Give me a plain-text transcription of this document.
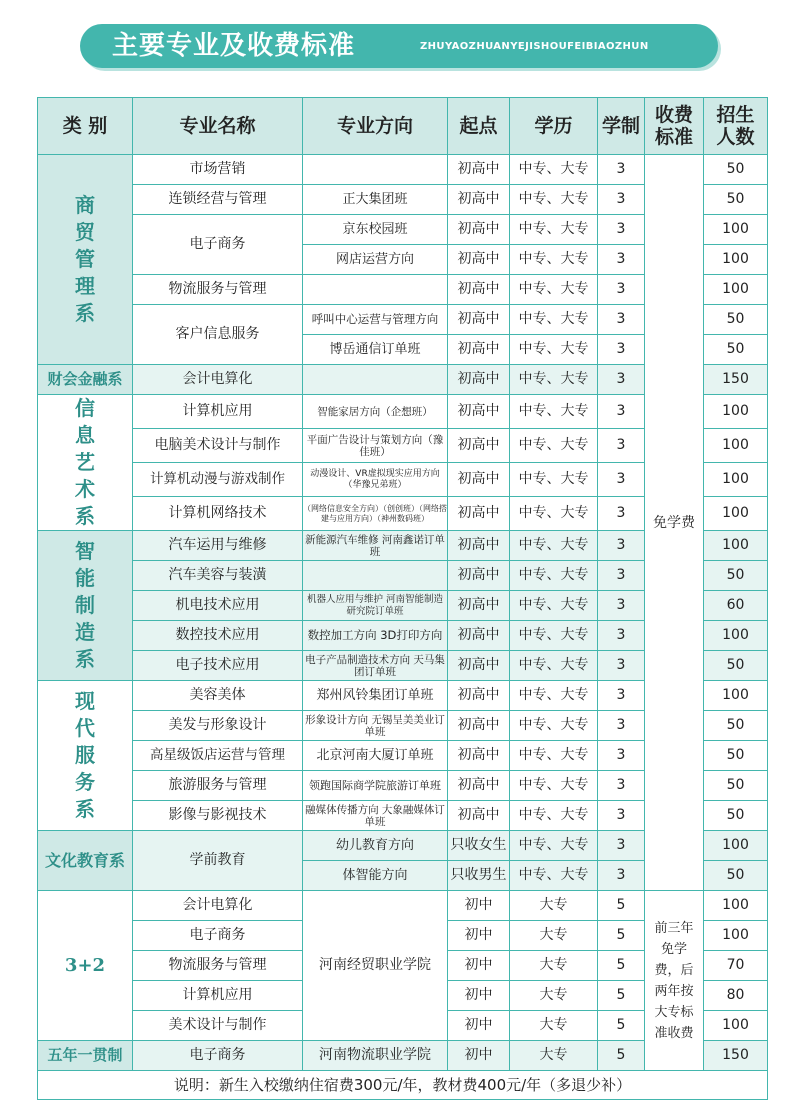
主要专业及收费标准	ZHUYAOZHUANYEJISHOUFEIBIAOZHUN
类 别	专业名称	专业方向	起点	学历	学制	收费标准	招生人数
商贸管理系	市场营销		初高中	中专、大专	3	免学费	50
	连锁经营与管理	正大集团班	初高中	中专、大专	3		50
	电子商务	京东校园班	初高中	中专、大专	3		100
		网店运营方向	初高中	中专、大专	3		100
	物流服务与管理		初高中	中专、大专	3		100
	客户信息服务	呼叫中心运营与管理方向	初高中	中专、大专	3		50
		博岳通信订单班	初高中	中专、大专	3		50
财会金融系	会计电算化		初高中	中专、大专	3		150
信息艺术系	计算机应用	智能家居方向（企想班）	初高中	中专、大专	3		100
	电脑美术设计与制作	平面广告设计与策划方向（豫佳班）	初高中	中专、大专	3		100
	计算机动漫与游戏制作	动漫设计、VR虚拟现实应用方向（华豫兄弟班）	初高中	中专、大专	3		100
	计算机网络技术	（网络信息安全方向）（创创班）（网络搭建与应用方向）（神州数码班）	初高中	中专、大专	3		100
智能制造系	汽车运用与维修	新能源汽车维修 河南鑫诺订单班	初高中	中专、大专	3		100
	汽车美容与装潢		初高中	中专、大专	3		50
	机电技术应用	机器人应用与维护 河南智能制造研究院订单班	初高中	中专、大专	3		60
	数控技术应用	数控加工方向 3D打印方向	初高中	中专、大专	3		100
	电子技术应用	电子产品制造技术方向 天马集团订单班	初高中	中专、大专	3		50
现代服务系	美容美体	郑州风铃集团订单班	初高中	中专、大专	3		100
	美发与形象设计	形象设计方向 无锡呈美美业订单班	初高中	中专、大专	3		50
	高星级饭店运营与管理	北京河南大厦订单班	初高中	中专、大专	3		50
	旅游服务与管理	领跑国际商学院旅游订单班	初高中	中专、大专	3		50
	影像与影视技术	融媒体传播方向 大象融媒体订单班	初高中	中专、大专	3		50
文化教育系	学前教育	幼儿教育方向	只收女生	中专、大专	3		100
		体智能方向	只收男生	中专、大专	3		50
3+2	会计电算化	河南经贸职业学院	初中	大专	5	前三年免学费，后两年按大专标准收费	100
	电子商务		初中	大专	5		100
	物流服务与管理		初中	大专	5		70
	计算机应用		初中	大专	5		80
	美术设计与制作		初中	大专	5		100
五年一贯制	电子商务	河南物流职业学院	初中	大专	5		150
说明：新生入校缴纳住宿费300元/年，教材费400元/年（多退少补）							
